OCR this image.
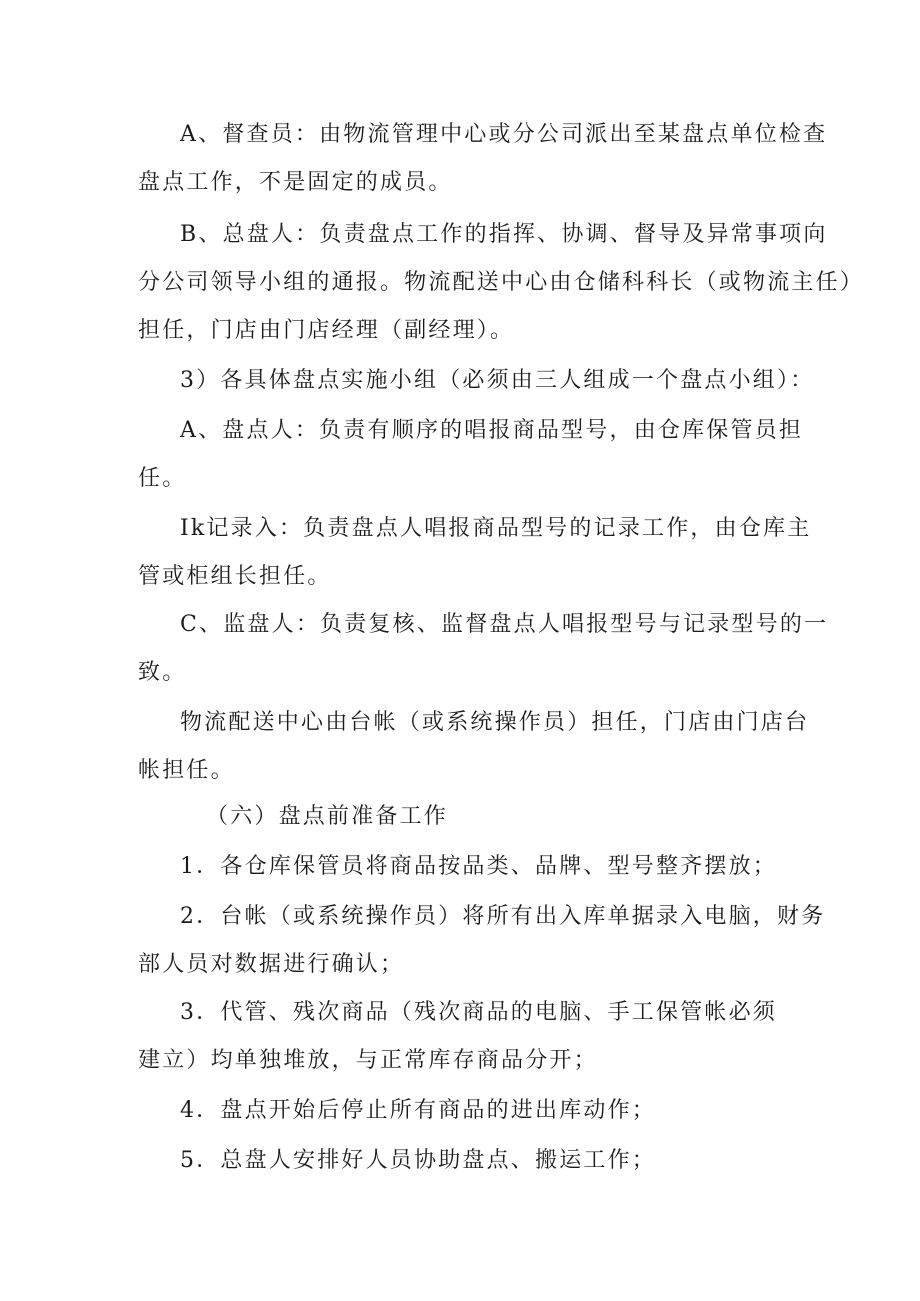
A、督查员：由物流管理中心或分公司派出至某盘点单位检查
盘点工作，不是固定的成员。
B、总盘人：负责盘点工作的指挥、协调、督导及异常事项向
分公司领导小组的通报。物流配送中心由仓储科科长（或物流主任）
担任，门店由门店经理（副经理）。
3）各具体盘点实施小组（必须由三人组成一个盘点小组）：
A、盘点人：负责有顺序的唱报商品型号，由仓库保管员担
任。
Ik记录入：负责盘点人唱报商品型号的记录工作，由仓库主
管或柜组长担任。
C、监盘人：负责复核、监督盘点人唱报型号与记录型号的一
致。
物流配送中心由台帐（或系统操作员）担任，门店由门店台
帐担任。
（六）盘点前准备工作
1．各仓库保管员将商品按品类、品牌、型号整齐摆放；
2．台帐（或系统操作员）将所有出入库单据录入电脑，财务
部人员对数据进行确认；
3．代管、残次商品（残次商品的电脑、手工保管帐必须
建立）均单独堆放，与正常库存商品分开；
4．盘点开始后停止所有商品的进出库动作；
5．总盘人安排好人员协助盘点、搬运工作；
